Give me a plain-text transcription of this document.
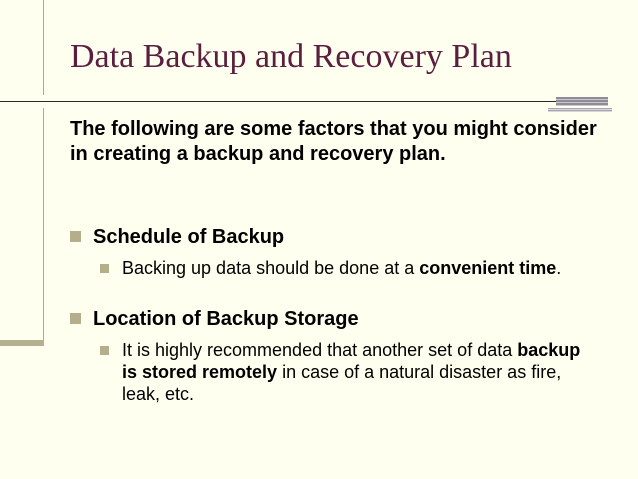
Data Backup and Recovery Plan
The following are some factors that you might consider in creating a backup and recovery plan.
Schedule of Backup
Backing up data should be done at a convenient time.
Location of Backup Storage
It is highly recommended that another set of data backup is stored remotely in case of a natural disaster as fire, leak, etc.
